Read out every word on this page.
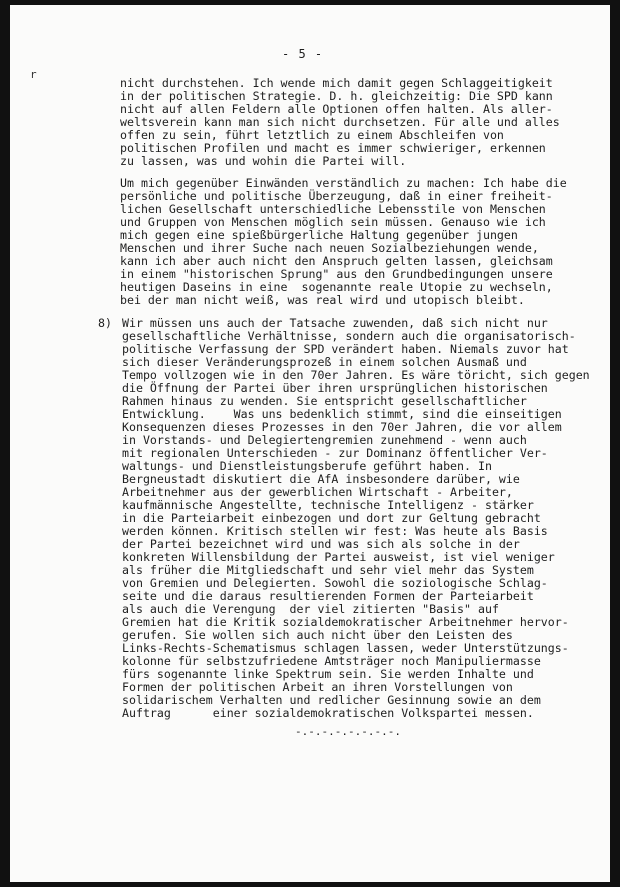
- 5 -
r
nicht durchstehen. Ich wende mich damit gegen Schlaggeitigkeit
in der politischen Strategie. D. h. gleichzeitig: Die SPD kann
nicht auf allen Feldern alle Optionen offen halten. Als aller-
weltsverein kann man sich nicht durchsetzen. Für alle und alles
offen zu sein, führt letztlich zu einem Abschleifen von
politischen Profilen und macht es immer schwieriger, erkennen
zu lassen, was und wohin die Partei will.
Um mich gegenüber Einwänden verständlich zu machen: Ich habe die
persönliche und politische Überzeugung, daß in einer freiheit-
lichen Gesellschaft unterschiedliche Lebensstile von Menschen
und Gruppen von Menschen möglich sein müssen. Genauso wie ich
mich gegen eine spießbürgerliche Haltung gegenüber jungen
Menschen und ihrer Suche nach neuen Sozialbeziehungen wende,
kann ich aber auch nicht den Anspruch gelten lassen, gleichsam
in einem "historischen Sprung" aus den Grundbedingungen unsere
heutigen Daseins in eine  sogenannte reale Utopie zu wechseln,
bei der man nicht weiß, was real wird und utopisch bleibt.
8) Wir müssen uns auch der Tatsache zuwenden, daß sich nicht nur
gesellschaftliche Verhältnisse, sondern auch die organisatorisch-
politische Verfassung der SPD verändert haben. Niemals zuvor hat
sich dieser Veränderungsprozeß in einem solchen Ausmaß und
Tempo vollzogen wie in den 70er Jahren. Es wäre töricht, sich gegen
die Öffnung der Partei über ihren ursprünglichen historischen
Rahmen hinaus zu wenden. Sie entspricht gesellschaftlicher
Entwicklung.    Was uns bedenklich stimmt, sind die einseitigen
Konsequenzen dieses Prozesses in den 70er Jahren, die vor allem
in Vorstands- und Delegiertengremien zunehmend - wenn auch
mit regionalen Unterschieden - zur Dominanz öffentlicher Ver-
waltungs- und Dienstleistungsberufe geführt haben. In
Bergneustadt diskutiert die AfA insbesondere darüber, wie
Arbeitnehmer aus der gewerblichen Wirtschaft - Arbeiter,
kaufmännische Angestellte, technische Intelligenz - stärker
in die Parteiarbeit einbezogen und dort zur Geltung gebracht
werden können. Kritisch stellen wir fest: Was heute als Basis
der Partei bezeichnet wird und was sich als solche in der
konkreten Willensbildung der Partei ausweist, ist viel weniger
als früher die Mitgliedschaft und sehr viel mehr das System
von Gremien und Delegierten. Sowohl die soziologische Schlag-
seite und die daraus resultierenden Formen der Parteiarbeit
als auch die Verengung  der viel zitierten "Basis" auf
Gremien hat die Kritik sozialdemokratischer Arbeitnehmer hervor-
gerufen. Sie wollen sich auch nicht über den Leisten des
Links-Rechts-Schematismus schlagen lassen, weder Unterstützungs-
kolonne für selbstzufriedene Amtsträger noch Manipuliermasse
fürs sogenannte linke Spektrum sein. Sie werden Inhalte und
Formen der politischen Arbeit an ihren Vorstellungen von
solidarischem Verhalten und redlicher Gesinnung sowie an dem
Auftrag      einer sozialdemokratischen Volkspartei messen.
-.-.-.-.-.-.-.-.
